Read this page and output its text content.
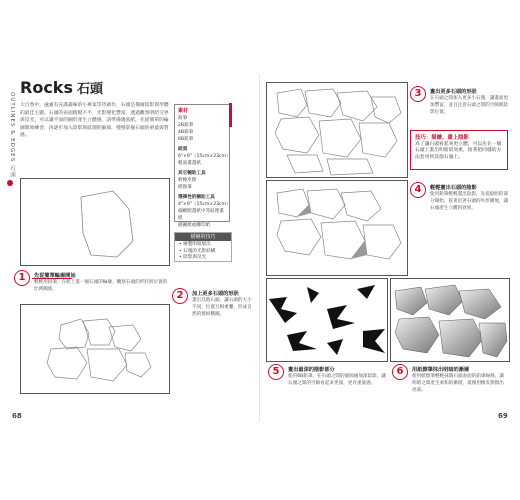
OUTLINES & EDGES 石頭
Rocks 石頭
大自然中，處處有充滿趣味的小專案等待創作，石頭是描繪陰影與形體的最佳主題。石頭的表面粗糙不平，光影變化豐富，透過觀察明暗交界與反光，可以讓平面的圖形產生立體感。請準備幾張紙，先從簡單的輪廓開始練習，再逐步加入陰影與紋理的細節，慢慢掌握石頭的重量與質感。
素材
鉛筆
2B鉛筆
4B鉛筆
6B鉛筆
紙張
6"×9"（15cm×23cm）粗面畫畫紙
其它輔助工具
軟橡皮擦
紙擦筆
選擇性的輔助工具
4"×9"（15cm×23cm）細緻版畫紙中等紋理畫紙
描圖紙或轉印紙
描繪的技巧
• 繪製明暗層次
• 石塊的光影結構
• 陰影與反光
1	先從簡單輪廓開始
輕輕用鉛筆，在紙上畫一個石頭的輪廓，觀察石頭的形狀與位置的比例關係。
2	加上更多石頭的形狀
畫出其他石頭，讓石頭的大小不同，位置互相重疊，形成自然的群組構圖。
68
3	畫出更多石頭的形狀
在石頭之間加入更多小石塊，讓畫面更加豐富，並且注意石頭之間的空隙與陰影位置。
技巧：描繪、畫上陰影
為了讓石頭看起來更立體，可以先在一個石頭上畫出明暗的效果，接著把同樣的方法套用到其他石頭上。
4	輕輕畫出石頭的陰影
使用鉛筆輕輕畫出陰影，先從最暗的部分開始，接著沿著石頭的外形擴展，讓石頭產生立體的效果。
5	畫出最深的陰影部分
使用6B鉛筆，在石頭之間的縫隙處加深陰影，讓石頭之間的空隙看起來更深，更有重量感。
6	用紙擦筆抹出明暗的漸層
使用紙擦筆輕輕抹開石頭表面的鉛筆線條，讓明暗之間產生柔和的漸層，最後用橡皮擦擦出亮部。
69
